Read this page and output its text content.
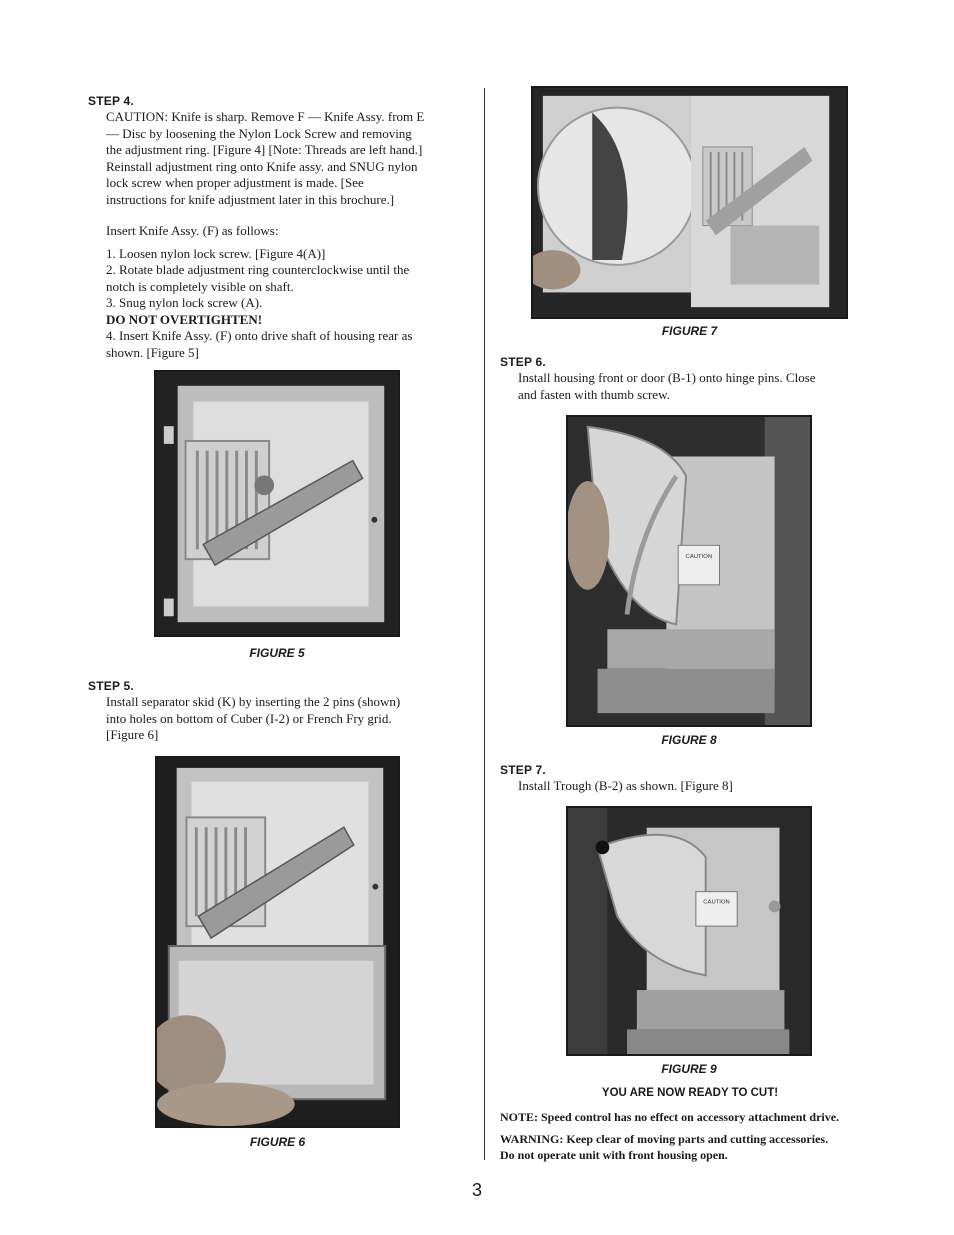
STEP 4.

CAUTION: Knife is sharp. Remove F — Knife Assy. from E

— Disc by loosening the Nylon Lock Screw and removing

the adjustment ring. [Figure 4] [Note: Threads are left hand.]

Reinstall adjustment ring onto Knife assy. and SNUG nylon

lock screw when proper adjustment is made. [See

instructions for knife adjustment later in this brochure.]

Insert Knife Assy. (F) as follows:

1. Loosen nylon lock screw. [Figure 4(A)]

2. Rotate blade adjustment ring counterclockwise until the

notch is completely visible on shaft.

3. Snug nylon lock screw (A).

DO NOT OVERTIGHTEN!

4. Insert Knife Assy. (F) onto drive shaft of housing rear as

shown. [Figure 5]

FIGURE 5
STEP 5.

Install separator skid (K) by inserting the 2 pins (shown)

into holes on bottom of Cuber (I-2) or French Fry grid.

[Figure 6]

FIGURE 6
FIGURE 7
STEP 6.

Install housing front or door (B-1) onto hinge pins. Close

and fasten with thumb screw.

CAUTION
FIGURE 8
STEP 7.

Install Trough (B-2) as shown. [Figure 8]

CAUTION
FIGURE 9
YOU ARE NOW READY TO CUT!
NOTE: Speed control has no effect on accessory attachment drive.

WARNING: Keep clear of moving parts and cutting accessories.

Do not operate unit with front housing open.

3
